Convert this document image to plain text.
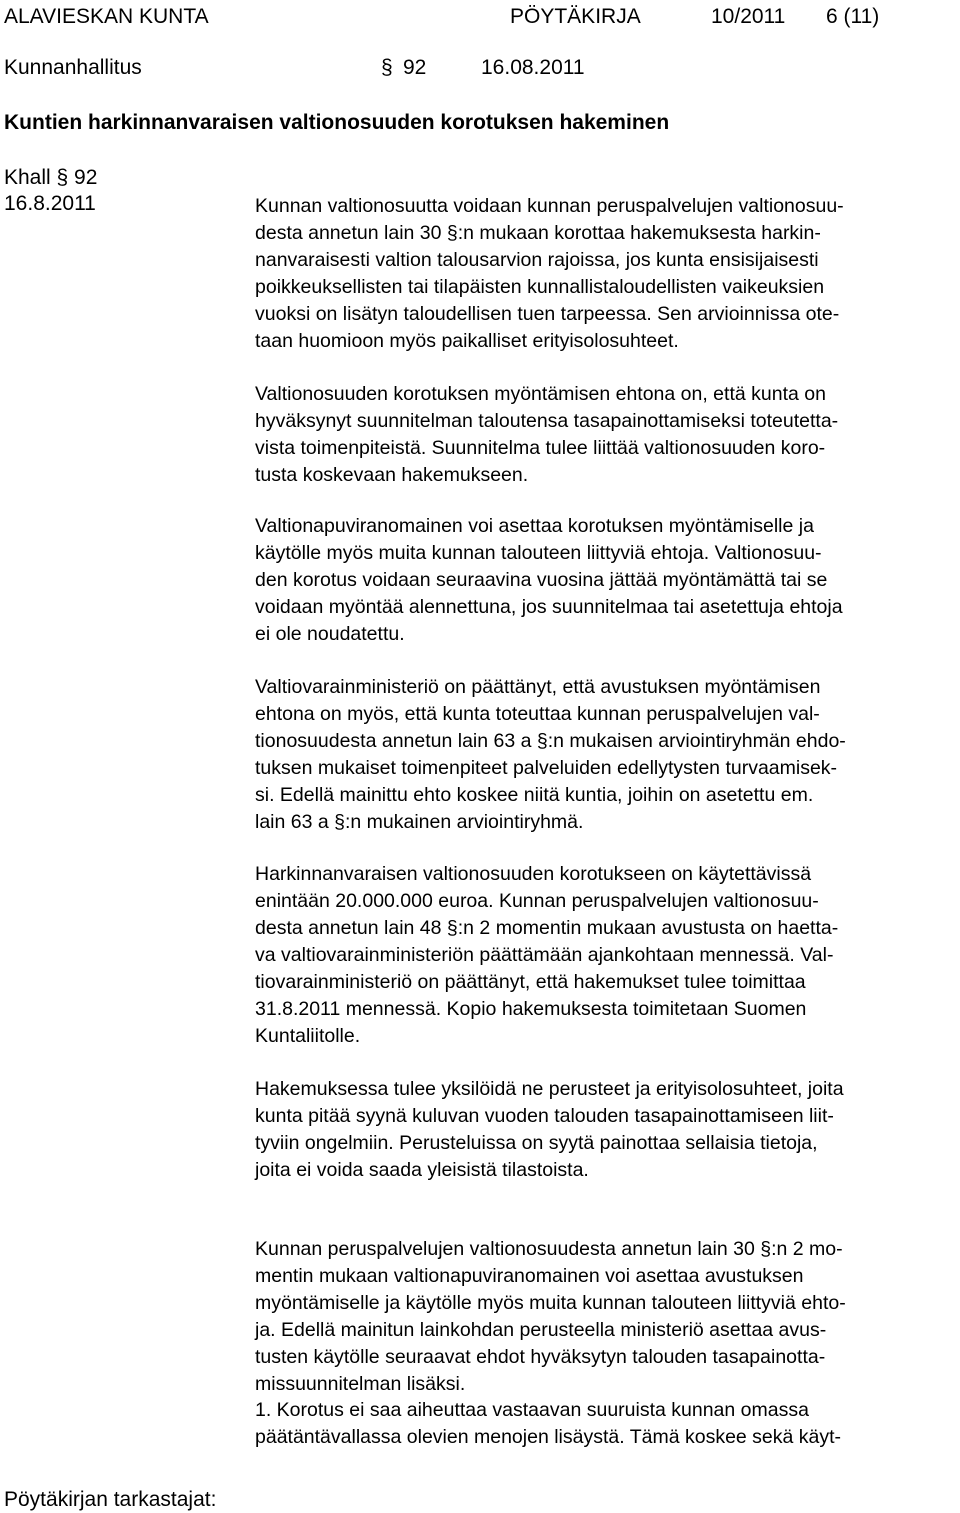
ALAVIESKAN KUNTA	PÖYTÄKIRJA	10/2011 6 (11)
Kunnanhallitus	§ 92	16.08.2011
Kuntien harkinnanvaraisen valtionosuuden korotuksen hakeminen
Khall § 92
16.8.2011	Kunnan valtionosuutta voidaan kunnan peruspalvelujen valtionosuu-
desta annetun lain 30 §:n mukaan korottaa hakemuksesta harkin-
nanvaraisesti valtion talousarvion rajoissa, jos kunta ensisijaisesti
poikkeuksellisten tai tilapäisten kunnallistaloudellisten vaikeuksien
vuoksi on lisätyn taloudellisen tuen tarpeessa. Sen arvioinnissa ote-
taan huomioon myös paikalliset erityisolosuhteet.
Valtionosuuden korotuksen myöntämisen ehtona on, että kunta on
hyväksynyt suunnitelman taloutensa tasapainottamiseksi toteutetta-
vista toimenpiteistä. Suunnitelma tulee liittää valtionosuuden koro-
tusta koskevaan hakemukseen.
Valtionapuviranomainen voi asettaa korotuksen myöntämiselle ja
käytölle myös muita kunnan talouteen liittyviä ehtoja. Valtionosuu-
den korotus voidaan seuraavina vuosina jättää myöntämättä tai se
voidaan myöntää alennettuna, jos suunnitelmaa tai asetettuja ehtoja
ei ole noudatettu.
Valtiovarainministeriö on päättänyt, että avustuksen myöntämisen
ehtona on myös, että kunta toteuttaa kunnan peruspalvelujen val-
tionosuudesta annetun lain 63 a §:n mukaisen arviointiryhmän ehdo-
tuksen mukaiset toimenpiteet palveluiden edellytysten turvaamisek-
si. Edellä mainittu ehto koskee niitä kuntia, joihin on asetettu em.
lain 63 a §:n mukainen arviointiryhmä.
Harkinnanvaraisen valtionosuuden korotukseen on käytettävissä
enintään 20.000.000 euroa. Kunnan peruspalvelujen valtionosuu-
desta annetun lain 48 §:n 2 momentin mukaan avustusta on haetta-
va valtiovarainministeriön päättämään ajankohtaan mennessä. Val-
tiovarainministeriö on päättänyt, että hakemukset tulee toimittaa
31.8.2011 mennessä. Kopio hakemuksesta toimitetaan Suomen
Kuntaliitolle.
Hakemuksessa tulee yksilöidä ne perusteet ja erityisolosuhteet, joita
kunta pitää syynä kuluvan vuoden talouden tasapainottamiseen liit-
tyviin ongelmiin. Perusteluissa on syytä painottaa sellaisia tietoja,
joita ei voida saada yleisistä tilastoista.
Kunnan peruspalvelujen valtionosuudesta annetun lain 30 §:n 2 mo-
mentin mukaan valtionapuviranomainen voi asettaa avustuksen
myöntämiselle ja käytölle myös muita kunnan talouteen liittyviä ehto-
ja. Edellä mainitun lainkohdan perusteella ministeriö asettaa avus-
tusten käytölle seuraavat ehdot hyväksytyn talouden tasapainotta-
missuunnitelman lisäksi.
1. Korotus ei saa aiheuttaa vastaavan suuruista kunnan omassa
päätäntävallassa olevien menojen lisäystä. Tämä koskee sekä käyt-
Pöytäkirjan tarkastajat:
